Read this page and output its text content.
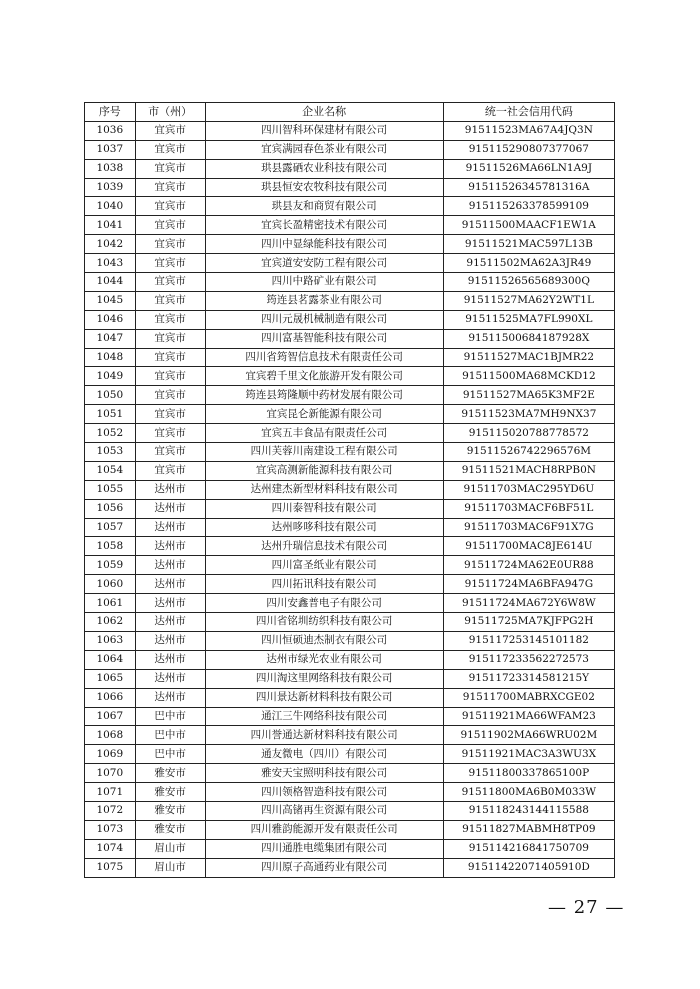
序号	市（州）	企业名称	统一社会信用代码
1036	宜宾市	四川智科环保建材有限公司	91511523MA67A4JQ3N
1037	宜宾市	宜宾满园春色茶业有限公司	915115290807377067
1038	宜宾市	珙县露硒农业科技有限公司	91511526MA66LN1A9J
1039	宜宾市	珙县恒安农牧科技有限公司	91511526345781316A
1040	宜宾市	珙县友和商贸有限公司	915115263378599109
1041	宜宾市	宜宾长盈精密技术有限公司	91511500MAACF1EW1A
1042	宜宾市	四川中显绿能科技有限公司	91511521MAC597L13B
1043	宜宾市	宜宾道安安防工程有限公司	91511502MA62A3JR49
1044	宜宾市	四川中路矿业有限公司	91511526565689300Q
1045	宜宾市	筠连县茗露茶业有限公司	91511527MA62Y2WT1L
1046	宜宾市	四川元晟机械制造有限公司	91511525MA7FL990XL
1047	宜宾市	四川富基智能科技有限公司	91511500684187928X
1048	宜宾市	四川省筠智信息技术有限责任公司	91511527MAC1BJMR22
1049	宜宾市	宜宾碧千里文化旅游开发有限公司	91511500MA68MCKD12
1050	宜宾市	筠连县筠隆顺中药材发展有限公司	91511527MA65K3MF2E
1051	宜宾市	宜宾昆仑新能源有限公司	91511523MA7MH9NX37
1052	宜宾市	宜宾五丰食品有限责任公司	915115020788778572
1053	宜宾市	四川芙蓉川南建设工程有限公司	91511526742296576M
1054	宜宾市	宜宾高测新能源科技有限公司	91511521MACH8RPB0N
1055	达州市	达州建杰新型材料科技有限公司	91511703MAC295YD6U
1056	达州市	四川泰智科技有限公司	91511703MACF6BF51L
1057	达州市	达州哆哆科技有限公司	91511703MAC6F91X7G
1058	达州市	达州升瑞信息技术有限公司	91511700MAC8JE614U
1059	达州市	四川富圣纸业有限公司	91511724MA62E0UR88
1060	达州市	四川拓讯科技有限公司	91511724MA6BFA947G
1061	达州市	四川安鑫普电子有限公司	91511724MA672Y6W8W
1062	达州市	四川省铭圳纺织科技有限公司	91511725MA7KJFPG2H
1063	达州市	四川恒硕迪杰制衣有限公司	915117253145101182
1064	达州市	达州市绿光农业有限公司	915117233562272573
1065	达州市	四川淘这里网络科技有限公司	91511723314581215Y
1066	达州市	四川景达新材料科技有限公司	91511700MABRXCGE02
1067	巴中市	通江三牛网络科技有限公司	91511921MA66WFAM23
1068	巴中市	四川誉通达新材料科技有限公司	91511902MA66WRU02M
1069	巴中市	通友微电（四川）有限公司	91511921MAC3A3WU3X
1070	雅安市	雅安天宝照明科技有限公司	91511800337865100P
1071	雅安市	四川领格智造科技有限公司	91511800MA6B0M033W
1072	雅安市	四川高锗再生资源有限公司	915118243144115588
1073	雅安市	四川雅韵能源开发有限责任公司	91511827MABMH8TP09
1074	眉山市	四川通胜电缆集团有限公司	915114216841750709
1075	眉山市	四川原子高通药业有限公司	91511422071405910D
— 27 —
